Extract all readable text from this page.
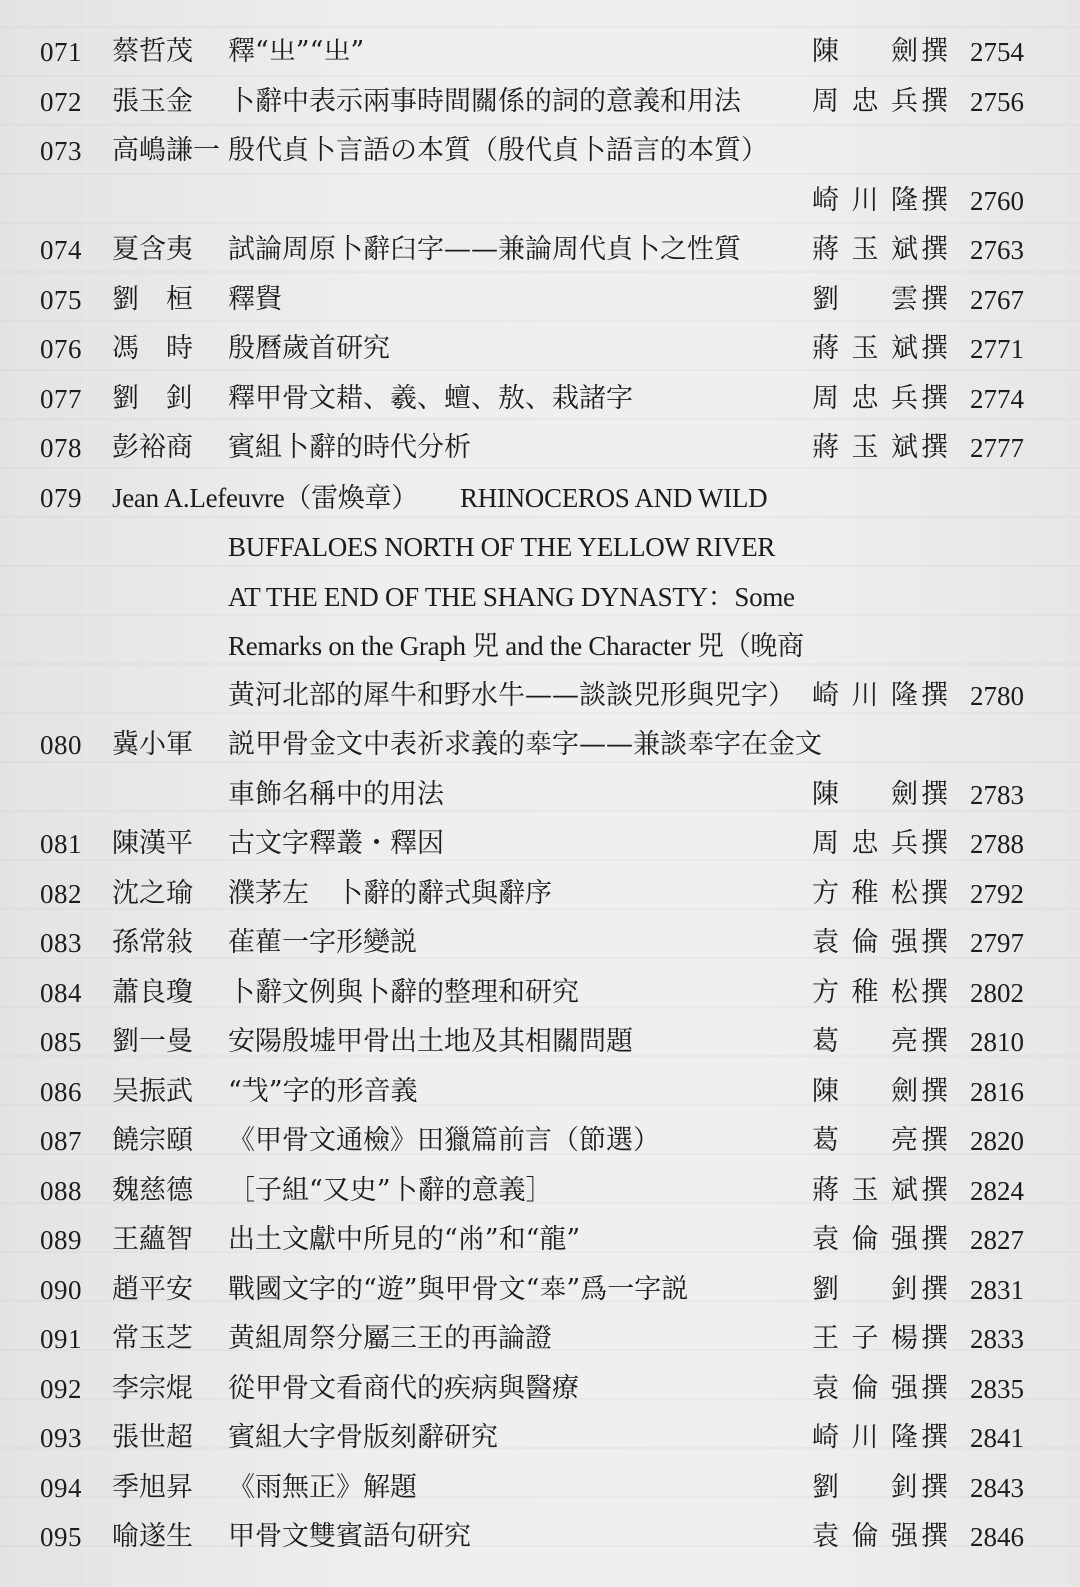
071	蔡哲茂	釋“㞢”“㞢”	陳　劍 撰 2754
072	張玉金	卜辭中表示兩事時間關係的詞的意義和用法	周忠兵 撰 2756
073	高嶋謙一 殷代貞卜言語の本質（殷代貞卜語言的本質）
崎川隆 撰 2760
074	夏含夷	試論周原卜辭⾅字——兼論周代貞卜之性質	蔣玉斌 撰 2763
075	劉　桓	釋䝿	劉　雲 撰 2767
076	馮　時	殷曆歲首研究	蔣玉斌 撰 2771
077	劉　釗	釋甲骨文耤、羲、蟺、敖、栽諸字	周忠兵 撰 2774
078	彭裕商	賓組卜辭的時代分析	蔣玉斌 撰 2777
079	Jean A.Lefeuvre（雷煥章） RHINOCEROS AND WILD
BUFFALOES NORTH OF THE YELLOW RIVER
AT THE END OF THE SHANG DYNASTY：Some
Remarks on the Graph 兕 and the Character 兕（晚商
黄河北部的犀牛和野水牛——談談兕形與兕字） 崎川隆 撰 2780
080	冀小軍	説甲骨金文中表祈求義的𠦪字——兼談𠦪字在金文
車飾名稱中的用法	陳　劍 撰 2783
081	陳漢平	古文字釋叢・釋因	周忠兵 撰 2788
082	沈之瑜	濮茅左　卜辭的辭式與辭序	方稚松 撰 2792
083	孫常敍	雈雚一字形變説	袁倫强 撰 2797
084	蕭良瓊	卜辭文例與卜辭的整理和研究	方稚松 撰 2802
085	劉一曼	安陽殷墟甲骨出土地及其相關問題	葛　亮 撰 2810
086	吴振武	“𢦏”字的形音義	陳　劍 撰 2816
087	饒宗頤	《甲骨文通檢》田獵篇前言（節選）	葛　亮 撰 2820
088	魏慈德	［子組“又史”卜辭的意義］	蔣玉斌 撰 2824
089	王蘊智	出土文獻中所見的“㡀”和“龍”	袁倫强 撰 2827
090	趙平安	戰國文字的“遊”與甲骨文“𠦪”爲一字説	劉　釗 撰 2831
091	常玉芝	黄組周祭分屬三王的再論證	王子楊 撰 2833
092	李宗焜	從甲骨文看商代的疾病與醫療	袁倫强 撰 2835
093	張世超	賓組大字骨版刻辭研究	崎川隆 撰 2841
094	季旭昇	《雨無正》解題	劉　釗 撰 2843
095	喻遂生	甲骨文雙賓語句研究	袁倫强 撰 2846
